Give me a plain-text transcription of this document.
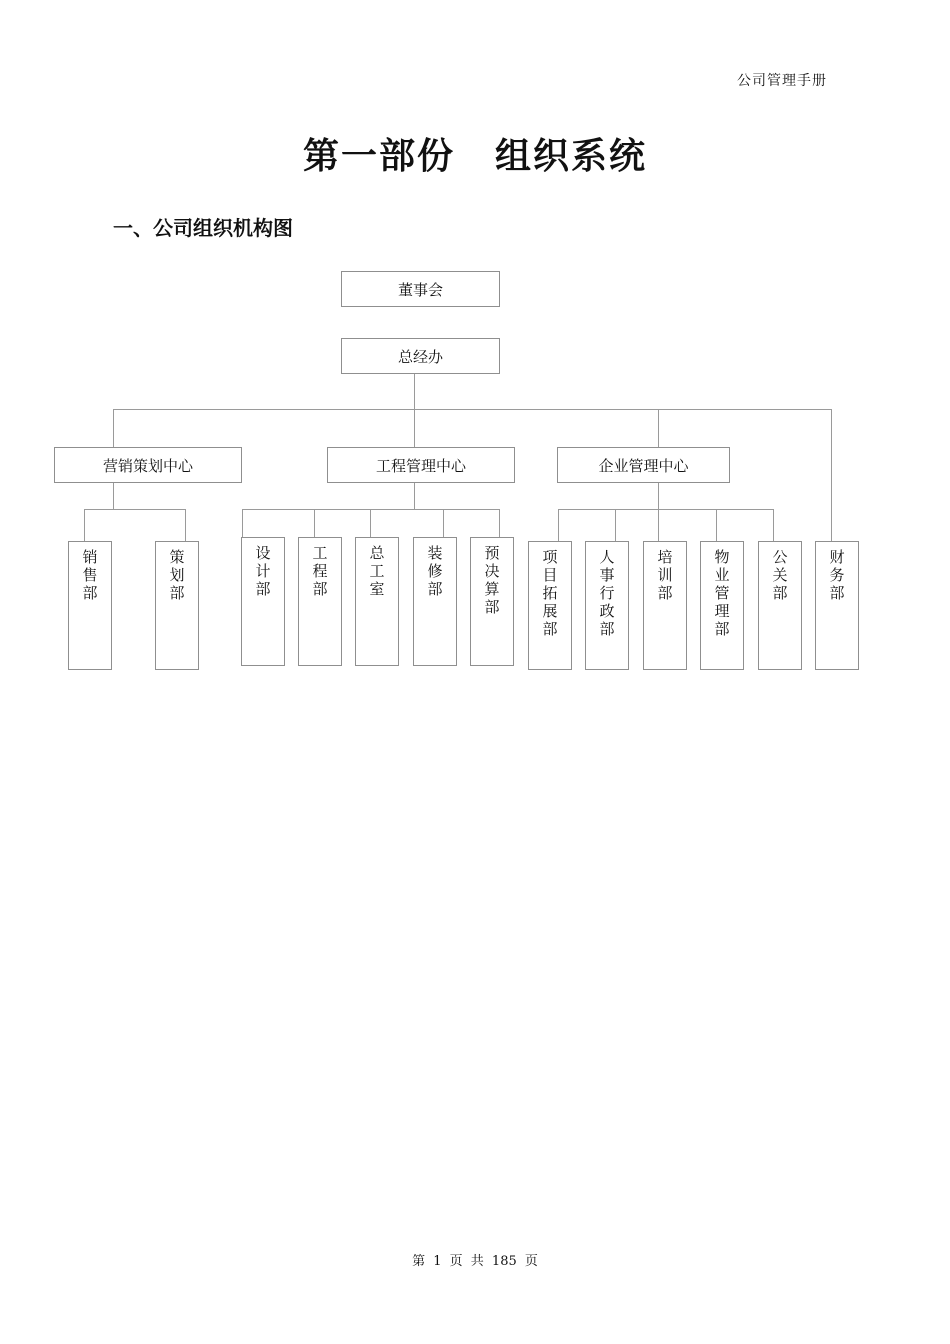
公司管理手册
第一部份 组织系统
一、公司组织机构图
董事会
总经办
营销策划中心	工程管理中心	企业管理中心
销
售
部
策
划
部
设
计
部
工
程
部
总
工
室
装
修
部
预
决
算
部
项
目
拓
展
部
人
事
行
政
部
培
训
部
物
业
管
理
部
公
关
部
财
务
部
第 1 页 共 185 页
